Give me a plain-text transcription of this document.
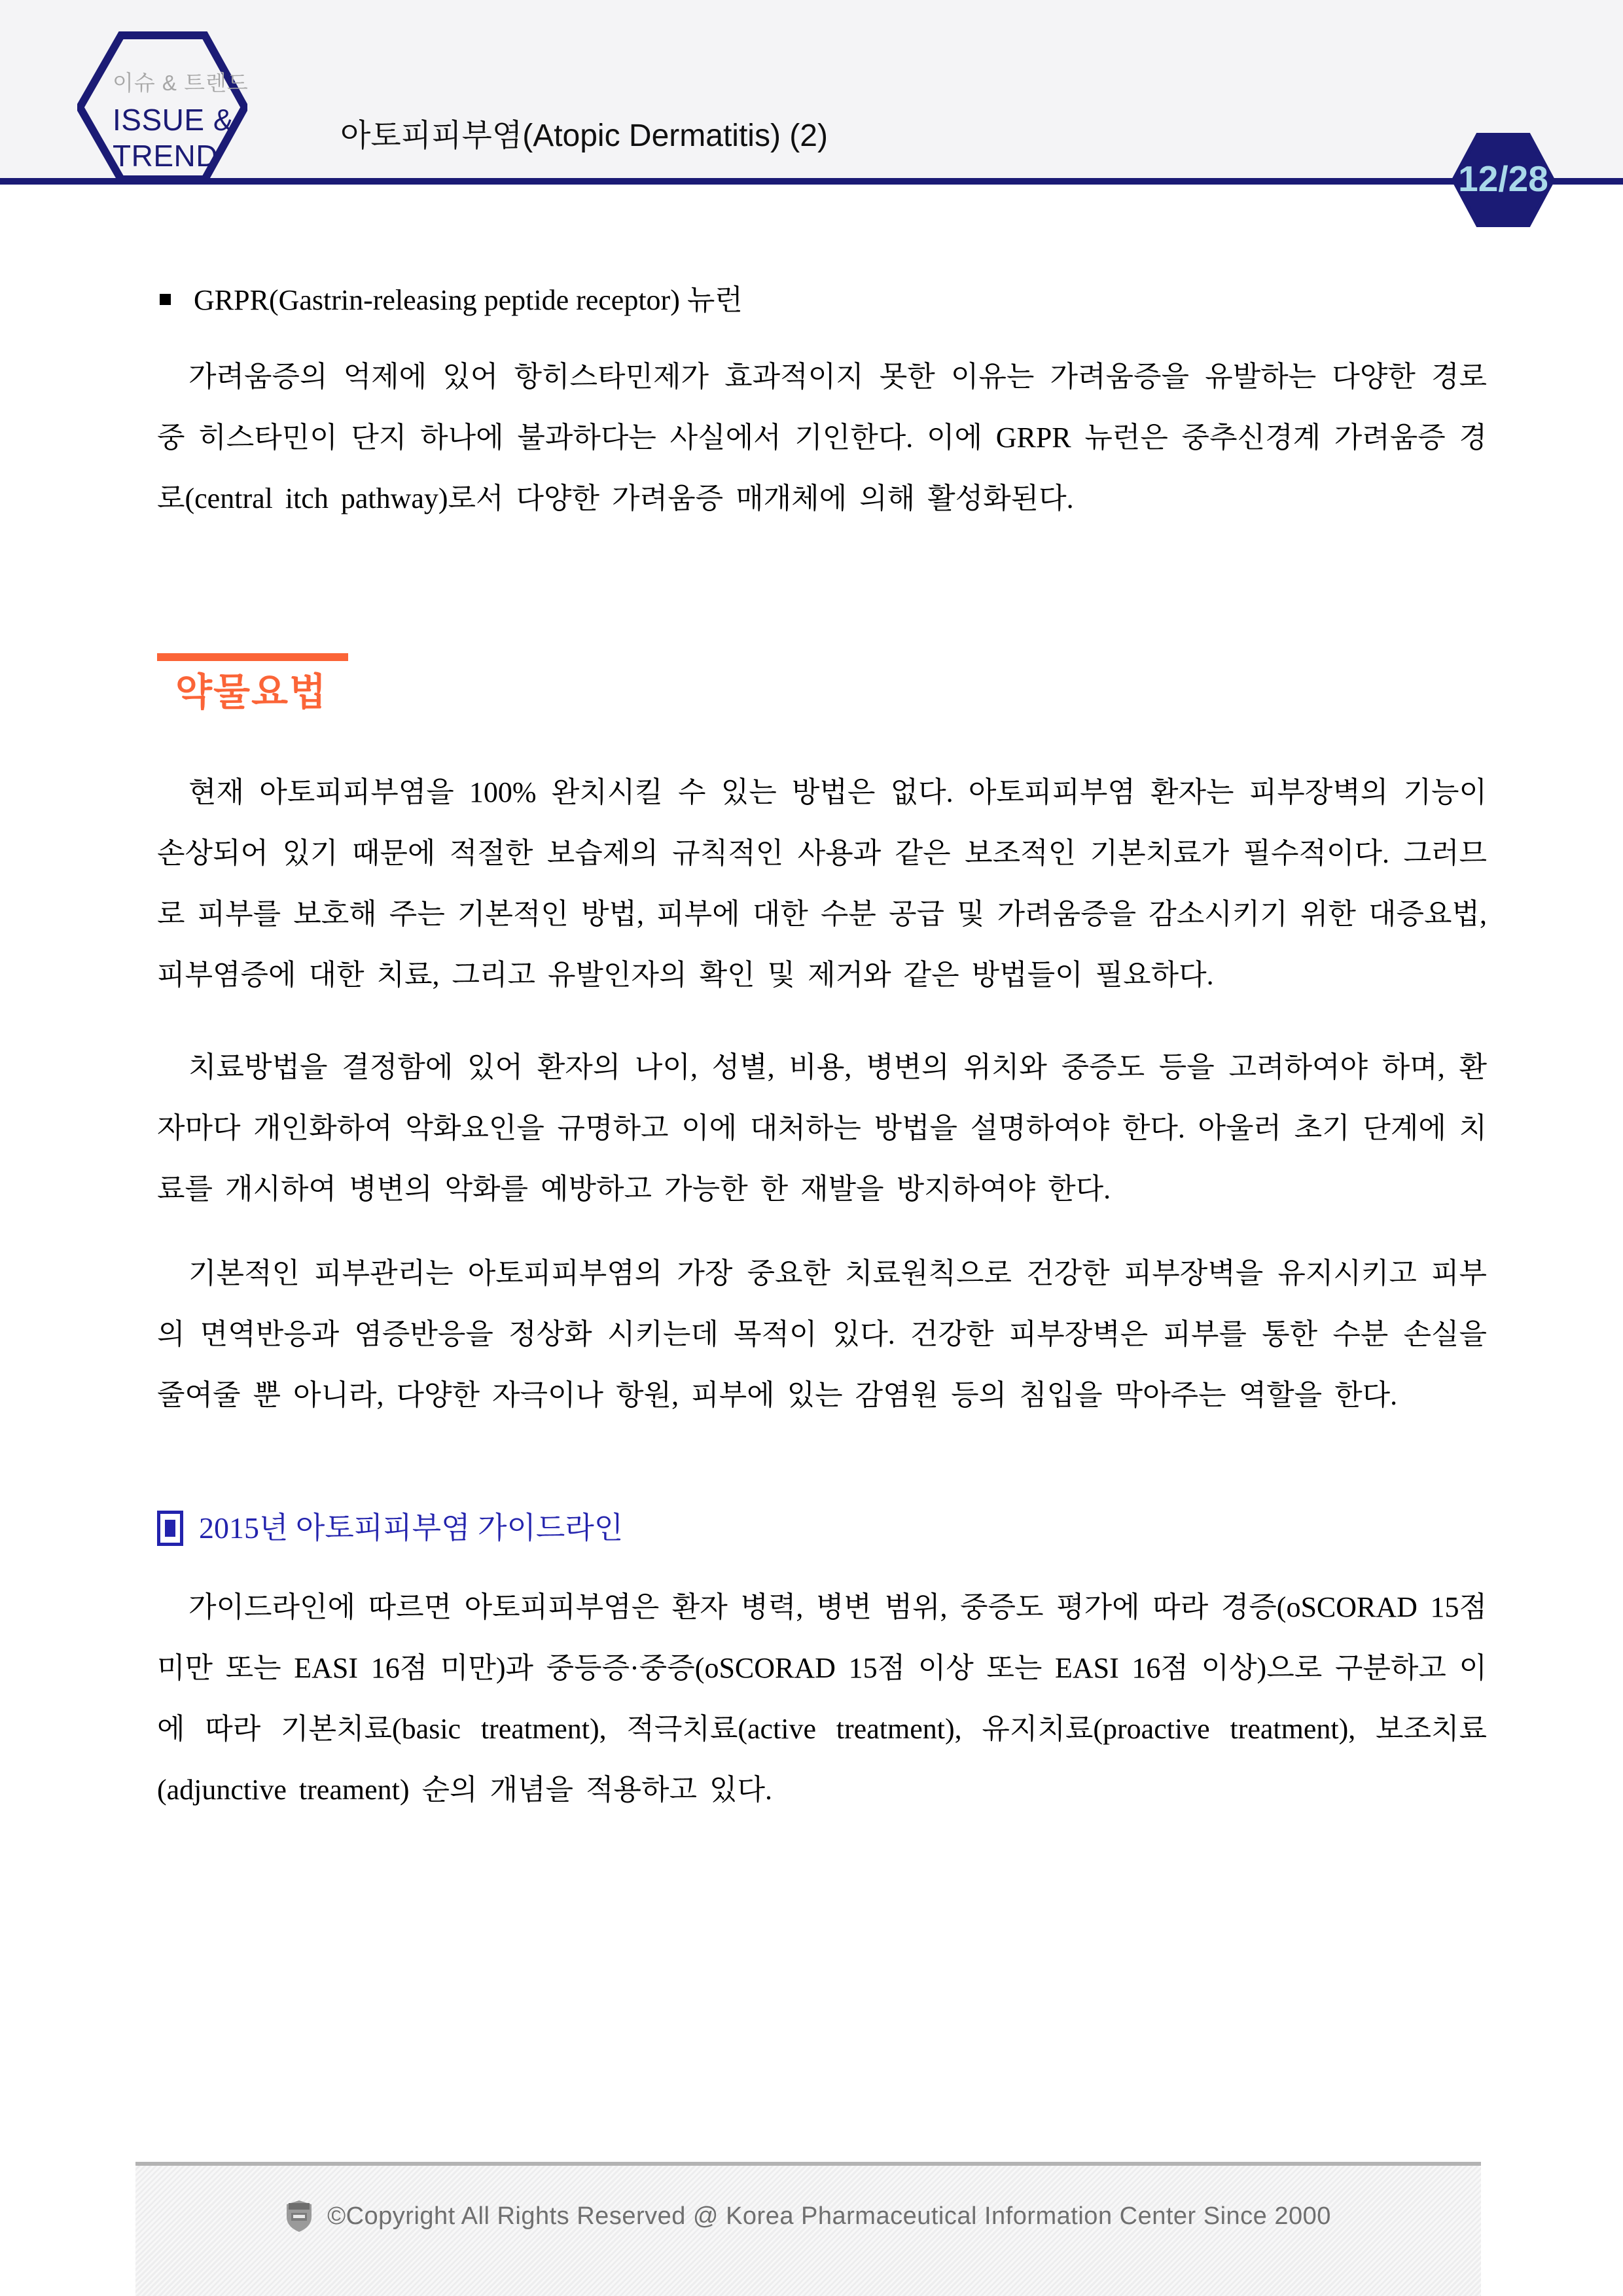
이슈 & 트렌드
ISSUE &
TREND
아토피피부염(Atopic Dermatitis) (2)
12/28
GRPR(Gastrin-releasing peptide receptor) 뉴런

가려움증의 억제에 있어 항히스타민제가 효과적이지 못한 이유는 가려움증을 유발하는 다양한 경로 중 히스타민이 단지 하나에 불과하다는 사실에서 기인한다. 이에 GRPR 뉴런은 중추신경계 가려움증 경로(central itch pathway)로서 다양한 가려움증 매개체에 의해 활성화된다.

약물요법

현재 아토피피부염을 100% 완치시킬 수 있는 방법은 없다. 아토피피부염 환자는 피부장벽의 기능이 손상되어 있기 때문에 적절한 보습제의 규칙적인 사용과 같은 보조적인 기본치료가 필수적이다. 그러므로 피부를 보호해 주는 기본적인 방법, 피부에 대한 수분 공급 및 가려움증을 감소시키기 위한 대증요법, 피부염증에 대한 치료, 그리고 유발인자의 확인 및 제거와 같은 방법들이 필요하다.

치료방법을 결정함에 있어 환자의 나이, 성별, 비용, 병변의 위치와 중증도 등을 고려하여야 하며, 환자마다 개인화하여 악화요인을 규명하고 이에 대처하는 방법을 설명하여야 한다. 아울러 초기 단계에 치료를 개시하여 병변의 악화를 예방하고 가능한 한 재발을 방지하여야 한다.

기본적인 피부관리는 아토피피부염의 가장 중요한 치료원칙으로 건강한 피부장벽을 유지시키고 피부의 면역반응과 염증반응을 정상화 시키는데 목적이 있다. 건강한 피부장벽은 피부를 통한 수분 손실을 줄여줄 뿐 아니라, 다양한 자극이나 항원, 피부에 있는 감염원 등의 침입을 막아주는 역할을 한다.

2015년 아토피피부염 가이드라인

가이드라인에 따르면 아토피피부염은 환자 병력, 병변 범위, 중증도 평가에 따라 경증(oSCORAD 15점 미만 또는 EASI 16점 미만)과 중등증·중증(oSCORAD 15점 이상 또는 EASI 16점 이상)으로 구분하고 이에 따라 기본치료(basic treatment), 적극치료(active treatment), 유지치료(proactive treatment), 보조치료(adjunctive treament) 순의 개념을 적용하고 있다.

©Copyright All Rights Reserved @ Korea Pharmaceutical Information Center Since 2000
